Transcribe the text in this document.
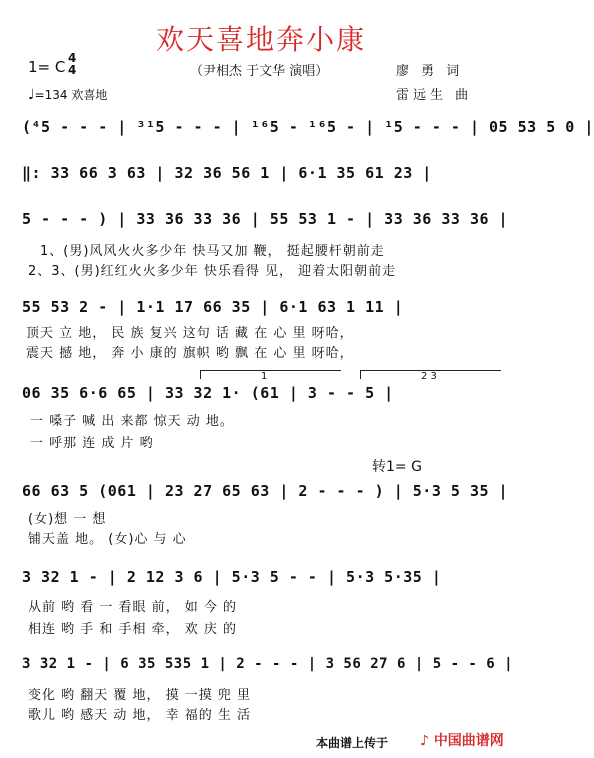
欢天喜地奔小康
1= C 4
4	（尹相杰 于文华 演唱）	廖 勇 词
雷远生 曲
♩=134 欢喜地
(⁴5 - - - | ³¹5 - - - | ¹⁶5 - ¹⁶5 - | ¹5 - - - | 05 53 5 0 |
‖: 33 66 3 63 | 32 36 56 1 | 6·1 35 61 23 |
5 - - - ) | 33 36 33 36 | 55 53 1 - | 33 36 33 36 |
1、(男)风风火火多少年 快马又加 鞭， 挺起腰杆朝前走
2、3、(男)红红火火多少年 快乐看得 见， 迎着太阳朝前走
55 53 2 - | 1·1 17 66 35 | 6·1 63 1 11 |
顶天 立 地， 民 族 复兴 这句 话 藏 在 心 里 呀哈，
震天 撼 地， 奔 小 康的 旗帜 哟 飘 在 心 里 呀哈，
1	2 3
06 35 6·6 65 | 33 32 1· (61 | 3 - - 5 |
一 嗓子 喊 出 来都 惊天 动 地。
一 呼那 连 成 片 哟
转1= G
66 63 5 (061 | 23 27 65 63 | 2 - - - ) | 5·3 5 35 |
(女)想 一 想
铺天盖 地。 (女)心 与 心
3 32 1 - | 2 12 3 6 | 5·3 5 - - | 5·3 5·35 |
从前 哟 看 一 看眼 前， 如 今 的
相连 哟 手 和 手相 牵， 欢 庆 的
3 32 1 - | 6 35 535 1 | 2 - - - | 3 56 27 6 | 5 - - 6 |
变化 哟 翻天 覆 地， 摸 一摸 兜 里
歌儿 哟 感天 动 地， 幸 福的 生 活
本曲谱上传于 ♪ 中国曲谱网
